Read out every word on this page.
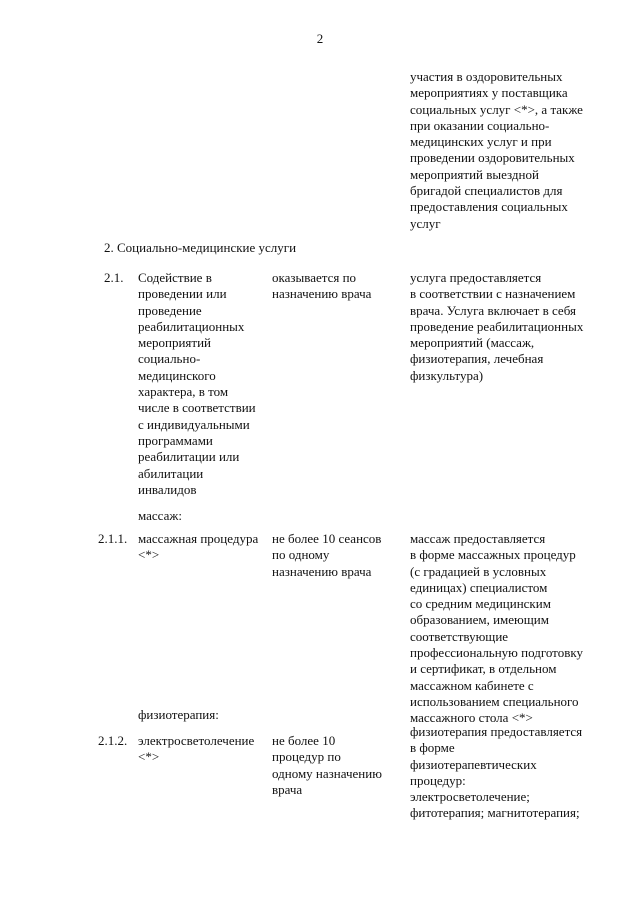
2
участия в оздоровительных
мероприятиях у поставщика
социальных услуг <*>, а также
при оказании социально-
медицинских услуг и при
проведении оздоровительных
мероприятий выездной
бригадой специалистов для
предоставления социальных
услуг
2. Социально-медицинские услуги
2.1. Содействие в
проведении или
проведение
реабилитационных
мероприятий
социально-
медицинского
характера, в том
числе в соответствии
с индивидуальными
программами
реабилитации или
абилитации
инвалидов
оказывается по
назначению врача
услуга предоставляется
в соответствии с назначением
врача. Услуга включает в себя
проведение реабилитационных
мероприятий (массаж,
физиотерапия, лечебная
физкультура)
массаж:
2.1.1. массажная процедура
<*>
не более 10 сеансов
по одному
назначению врача
массаж предоставляется
в форме массажных процедур
(с градацией в условных
единицах) специалистом
со средним медицинским
образованием, имеющим
соответствующие
профессиональную подготовку
и сертификат, в отдельном
массажном кабинете с
использованием специального
массажного стола <*>
физиотерапия:
2.1.2. электросветолечение
<*>
не более 10
процедур по
одному назначению
врача
физиотерапия предоставляется
в форме
физиотерапевтических
процедур:
электросветолечение;
фитотерапия; магнитотерапия;
